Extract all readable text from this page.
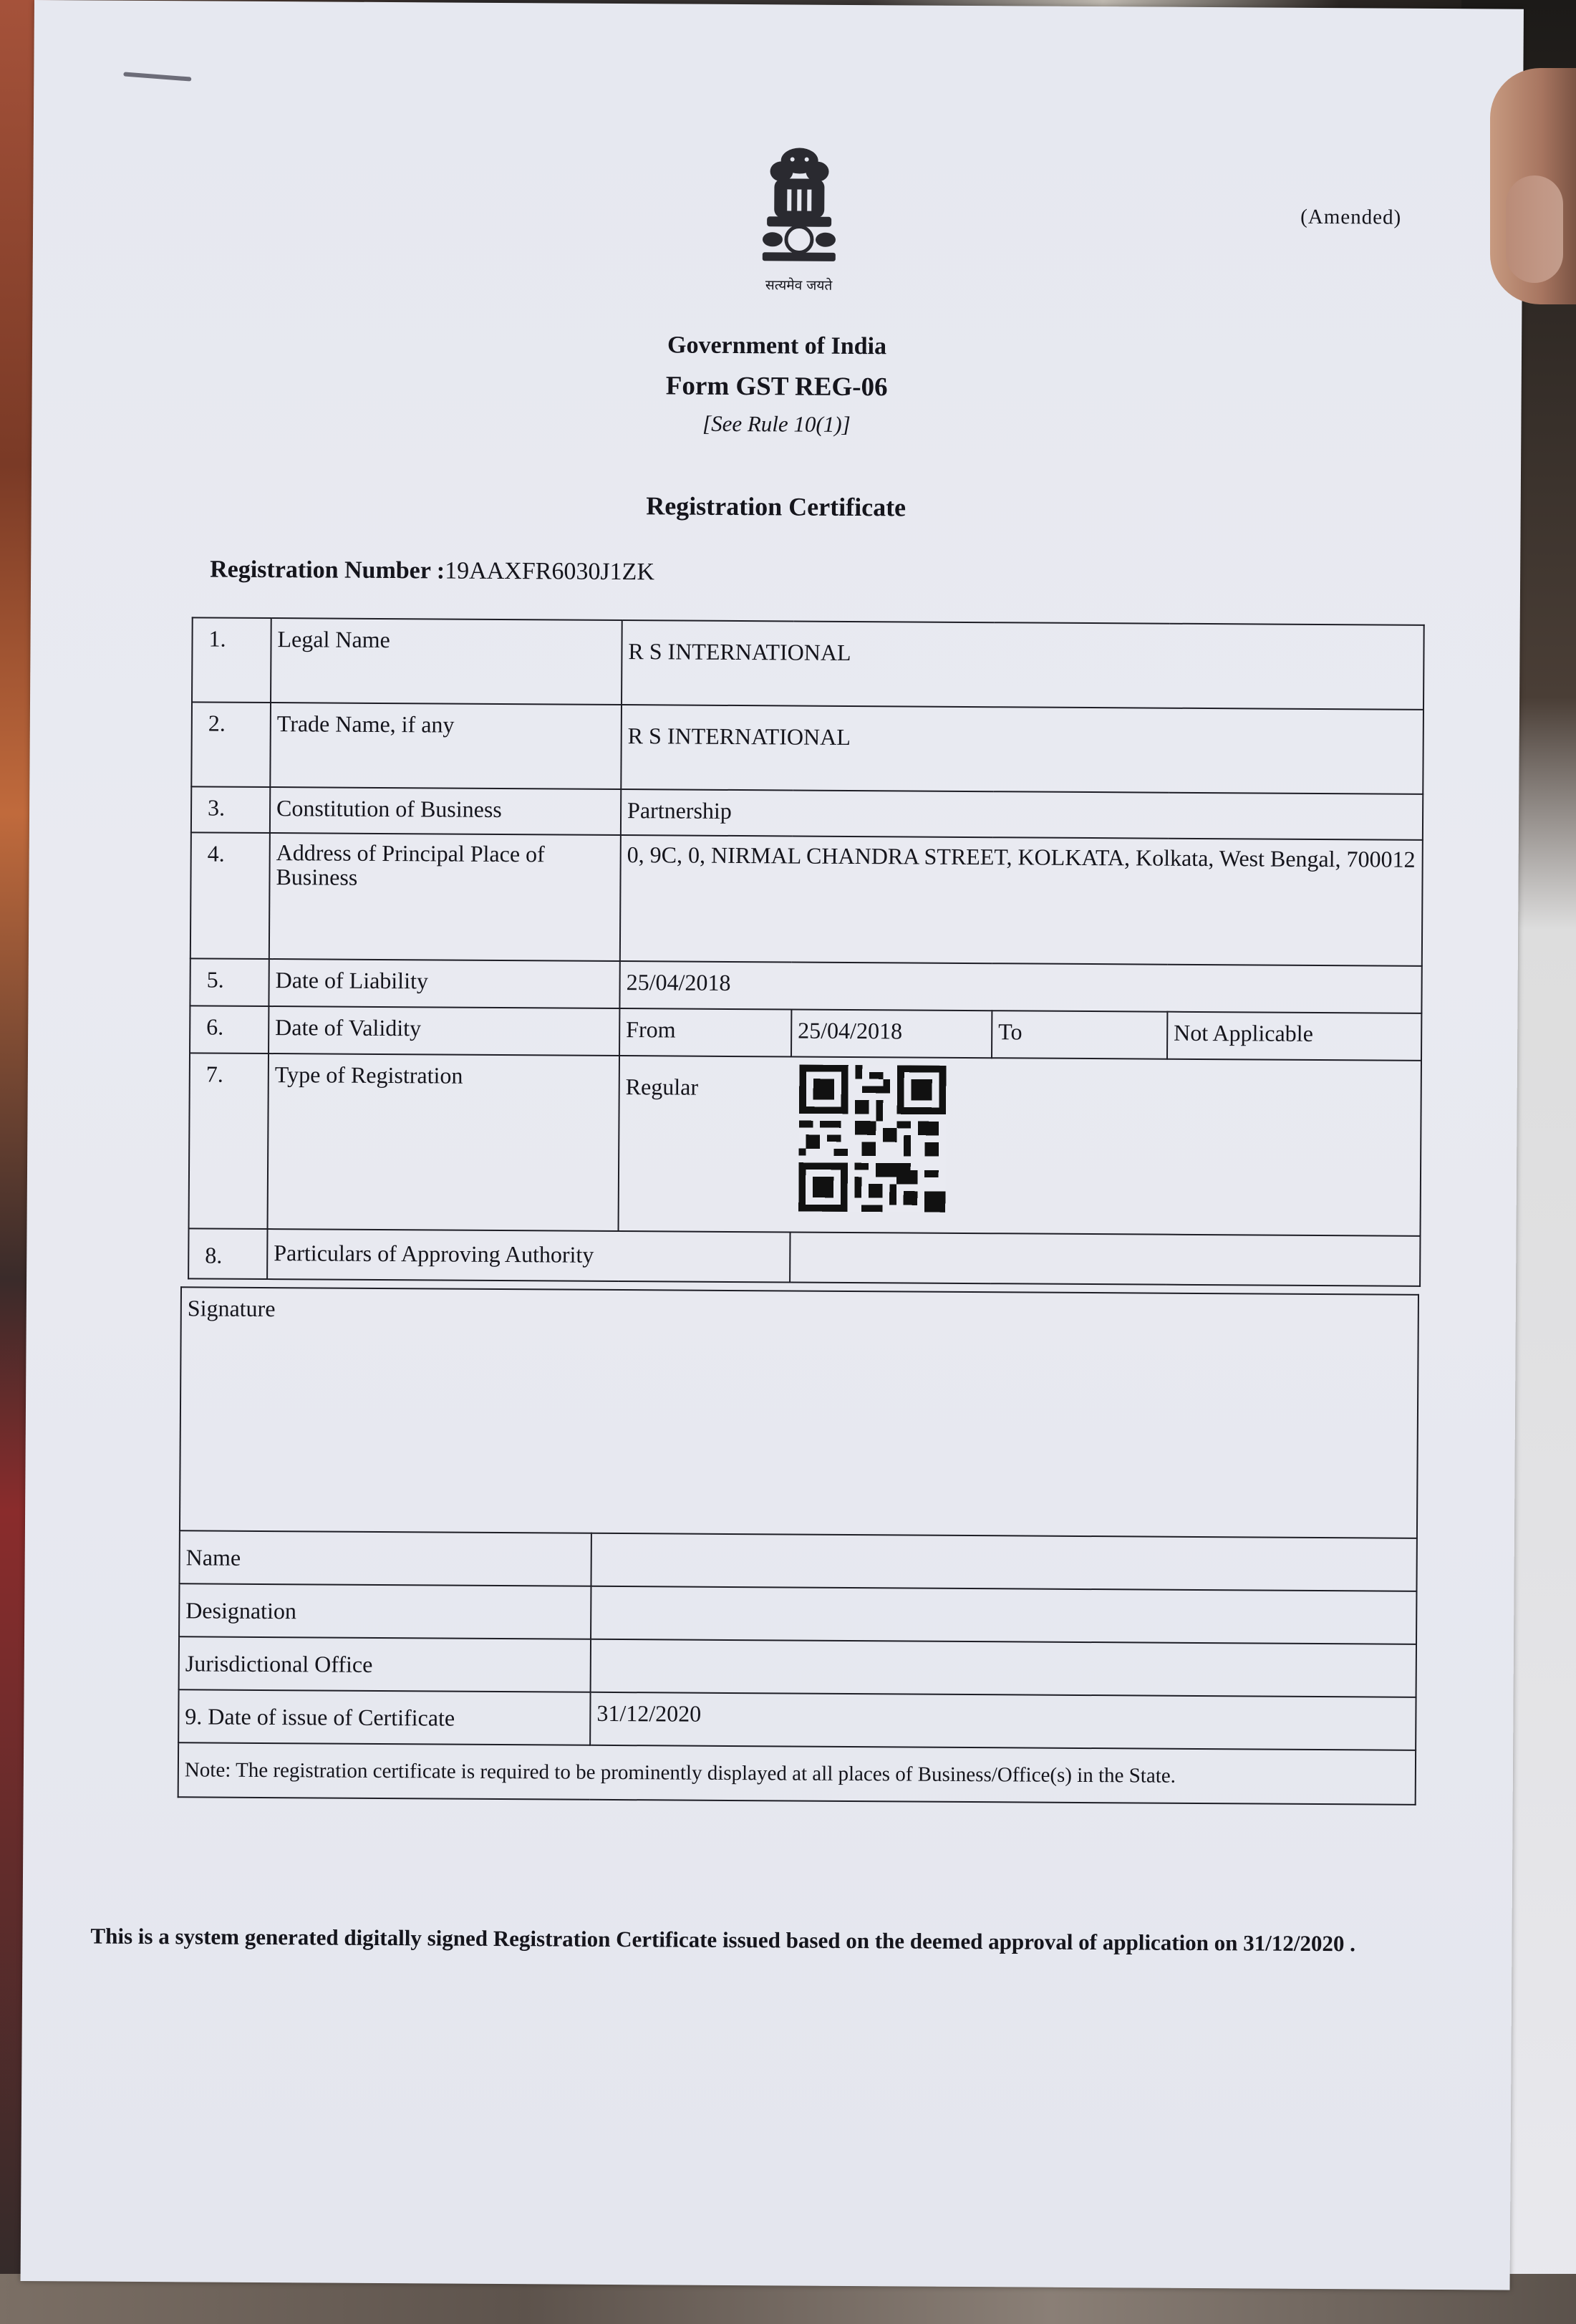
(Amended)
सत्यमेव जयते
Government of India
Form GST REG-06
[See Rule 10(1)]
Registration Certificate
Registration Number :19AAXFR6030J1ZK
1.	Legal Name	R S INTERNATIONAL			
2.	Trade Name, if any	R S INTERNATIONAL			
3.	Constitution of Business	Partnership			
4.	Address of Principal Place of Business	0, 9C, 0, NIRMAL CHANDRA STREET, KOLKATA, Kolkata, West Bengal, 700012			
5.	Date of Liability	25/04/2018			
6.	Date of Validity	From	25/04/2018	To	Not Applicable
7.	Type of Registration	Regular			

8.	Particulars of Approving Authority				
Signature	
Name	
Designation	
Jurisdictional Office	
9. Date of issue of Certificate	31/12/2020
Note: The registration certificate is required to be prominently displayed at all places of Business/Office(s) in the State.	
This is a system generated digitally signed Registration Certificate issued based on the deemed approval of application on 31/12/2020 .
